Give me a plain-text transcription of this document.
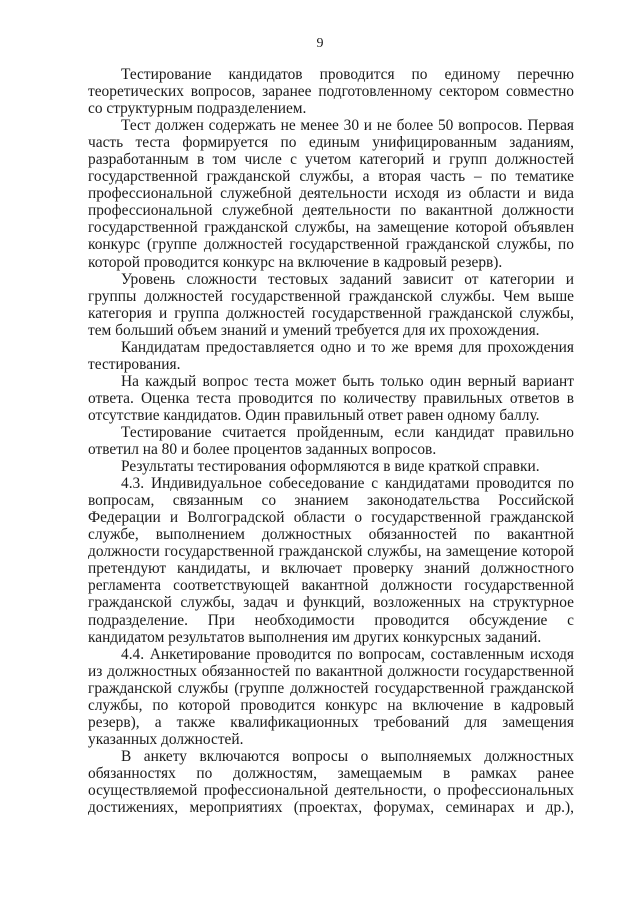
9

Тестирование кандидатов проводится по единому перечню теоретических вопросов, заранее подготовленному сектором совместно со структурным подразделением.

Тест должен содержать не менее 30 и не более 50 вопросов. Первая часть теста формируется по единым унифицированным заданиям, разработанным в том числе с учетом категорий и групп должностей государственной гражданской службы, а вторая часть – по тематике профессиональной служебной деятельности исходя из области и вида профессиональной служебной деятельности по вакантной должности государственной гражданской службы, на замещение которой объявлен конкурс (группе должностей государственной гражданской службы, по которой проводится конкурс на включение в кадровый резерв).

Уровень сложности тестовых заданий зависит от категории и группы должностей государственной гражданской службы. Чем выше категория и группа должностей государственной гражданской службы, тем больший объем знаний и умений требуется для их прохождения.

Кандидатам предоставляется одно и то же время для прохождения тестирования.

На каждый вопрос теста может быть только один верный вариант ответа. Оценка теста проводится по количеству правильных ответов в отсутствие кандидатов. Один правильный ответ равен одному баллу.

Тестирование считается пройденным, если кандидат правильно ответил на 80 и более процентов заданных вопросов.

Результаты тестирования оформляются в виде краткой справки.

4.3. Индивидуальное собеседование с кандидатами проводится по вопросам, связанным со знанием законодательства Российской Федерации и Волгоградской области о государственной гражданской службе, выполнением должностных обязанностей по вакантной должности государственной гражданской службы, на замещение которой претендуют кандидаты, и включает проверку знаний должностного регламента соответствующей вакантной должности государственной гражданской службы, задач и функций, возложенных на структурное подразделение. При необходимости проводится обсуждение с кандидатом результатов выполнения им других конкурсных заданий.

4.4. Анкетирование проводится по вопросам, составленным исходя из должностных обязанностей по вакантной должности государственной гражданской службы (группе должностей государственной гражданской службы, по которой проводится конкурс на включение в кадровый резерв), а также квалификационных требований для замещения указанных должностей.

В анкету включаются вопросы о выполняемых должностных обязанностях по должностям, замещаемым в рамках ранее осуществляемой профессиональной деятельности, о профессиональных достижениях, мероприятиях (проектах, форумах, семинарах и др.),
